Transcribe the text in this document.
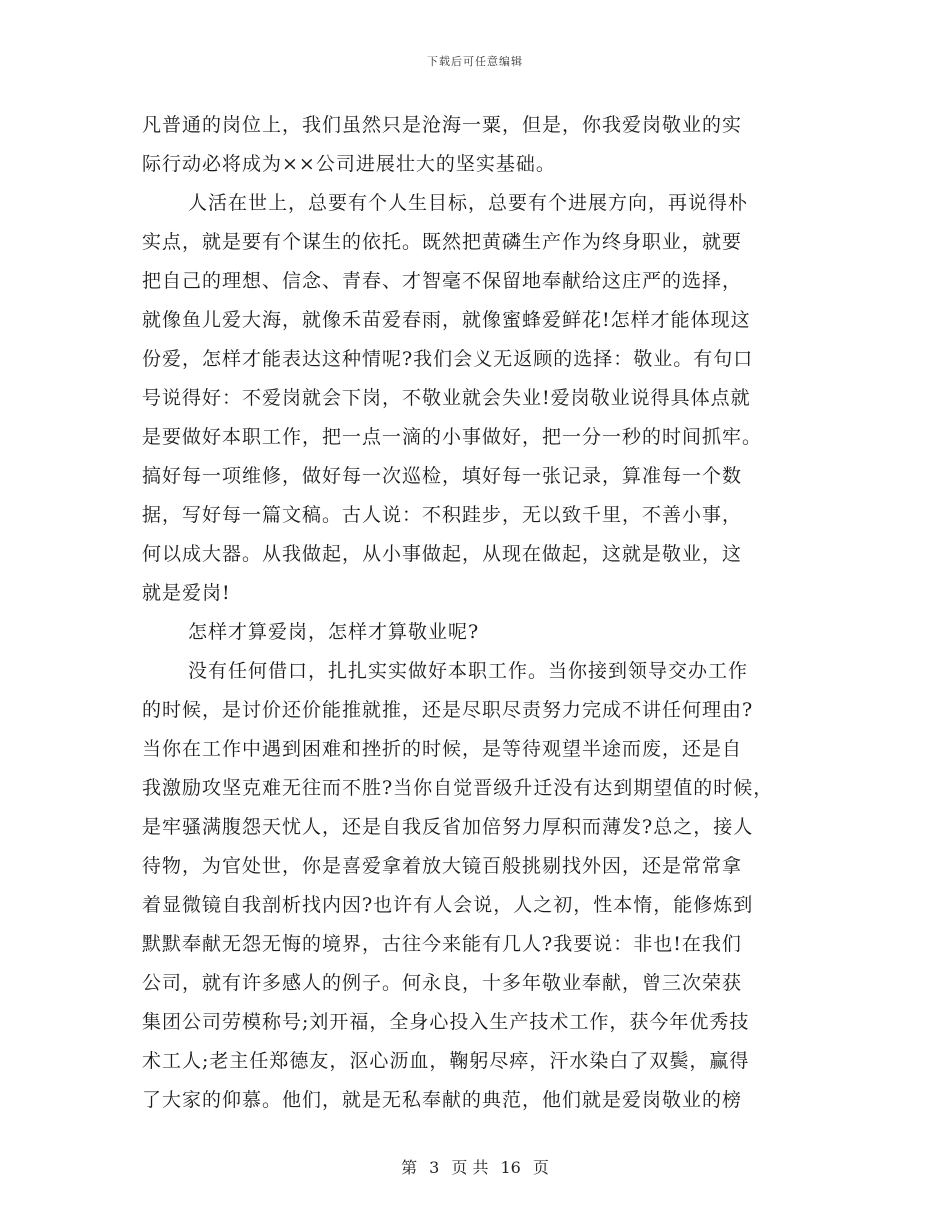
下载后可任意编辑
凡普通的岗位上，我们虽然只是沧海一粟，但是，你我爱岗敬业的实
际行动必将成为××公司进展壮大的坚实基础。
人活在世上，总要有个人生目标，总要有个进展方向，再说得朴
实点，就是要有个谋生的依托。既然把黄磷生产作为终身职业，就要
把自己的理想、信念、青春、才智毫不保留地奉献给这庄严的选择，
就像鱼儿爱大海，就像禾苗爱春雨，就像蜜蜂爱鲜花!怎样才能体现这
份爱，怎样才能表达这种情呢?我们会义无返顾的选择：敬业。有句口
号说得好：不爱岗就会下岗，不敬业就会失业!爱岗敬业说得具体点就
是要做好本职工作，把一点一滴的小事做好，把一分一秒的时间抓牢。
搞好每一项维修，做好每一次巡检，填好每一张记录，算准每一个数
据，写好每一篇文稿。古人说：不积跬步，无以致千里，不善小事，
何以成大器。从我做起，从小事做起，从现在做起，这就是敬业，这
就是爱岗!
怎样才算爱岗，怎样才算敬业呢?
没有任何借口，扎扎实实做好本职工作。当你接到领导交办工作
的时候，是讨价还价能推就推，还是尽职尽责努力完成不讲任何理由?
当你在工作中遇到困难和挫折的时候，是等待观望半途而废，还是自
我激励攻坚克难无往而不胜?当你自觉晋级升迁没有达到期望值的时候，
是牢骚满腹怨天忧人，还是自我反省加倍努力厚积而薄发?总之，接人
待物，为官处世，你是喜爱拿着放大镜百般挑剔找外因，还是常常拿
着显微镜自我剖析找内因?也许有人会说，人之初，性本惰，能修炼到
默默奉献无怨无悔的境界，古往今来能有几人?我要说：非也!在我们
公司，就有许多感人的例子。何永良，十多年敬业奉献，曾三次荣获
集团公司劳模称号;刘开福，全身心投入生产技术工作，获今年优秀技
术工人;老主任郑德友，沤心沥血，鞠躬尽瘁，汗水染白了双鬓，赢得
了大家的仰慕。他们，就是无私奉献的典范，他们就是爱岗敬业的榜
第 3 页 共 16 页
